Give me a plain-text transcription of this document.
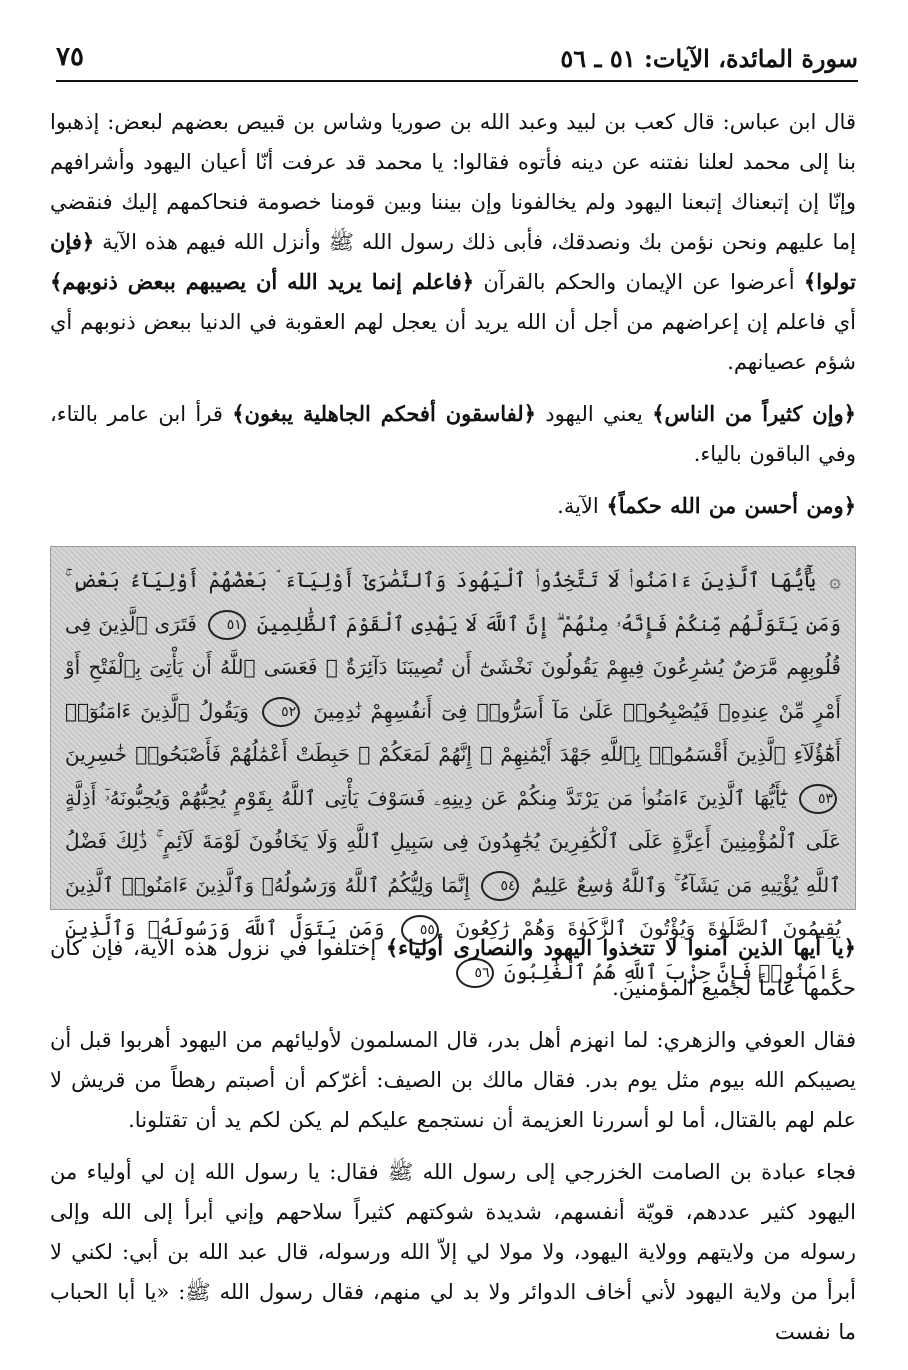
سورة المائدة، الآيات: ٥١ ـ ٥٦
٧٥

قال ابن عباس: قال كعب بن لبيد وعبد الله بن صوريا وشاس بن قبيص بعضهم لبعض: إذهبوا بنا إلى محمد لعلنا نفتنه عن دينه فأتوه فقالوا: يا محمد قد عرفت أنّا أعيان اليهود وأشرافهم وإنّا إن إتبعناك إتبعنا اليهود ولم يخالفونا وإن بيننا وبين قومنا خصومة فنحاكمهم إليك فنقضي إما عليهم ونحن نؤمن بك ونصدقك، فأبى ذلك رسول الله ﷺ وأنزل الله فيهم هذه الآية ﴿فإن تولوا﴾ أعرضوا عن الإيمان والحكم بالقرآن ﴿فاعلم إنما يريد الله أن يصيبهم ببعض ذنوبهم﴾ أي فاعلم إن إعراضهم من أجل أن الله يريد أن يعجل لهم العقوبة في الدنيا ببعض ذنوبهم أي شؤم عصيانهم.

﴿وإن كثيراً من الناس﴾ يعني اليهود ﴿لفاسقون أفحكم الجاهلية يبغون﴾ قرأ ابن عامر بالتاء، وفي الباقون بالياء.

﴿ومن أحسن من الله حكماً﴾ الآية.

۞ يَٰٓأَيُّهَا ٱلَّذِينَ ءَامَنُوا۟ لَا تَتَّخِذُوا۟ ٱلْيَهُودَ وَٱلنَّصَٰرَىٰٓ أَوْلِيَآءَ ۘ بَعْضُهُمْ أَوْلِيَآءُ بَعْضٍ ۚ وَمَن يَتَوَلَّهُم مِّنكُمْ فَإِنَّهُۥ مِنْهُمْ ۗ إِنَّ ٱللَّهَ لَا يَهْدِى ٱلْقَوْمَ ٱلظَّٰلِمِينَ ٥١ فَتَرَى ٱلَّذِينَ فِى قُلُوبِهِم مَّرَضٌ يُسَٰرِعُونَ فِيهِمْ يَقُولُونَ نَخْشَىٰٓ أَن تُصِيبَنَا دَآئِرَةٌ ۚ فَعَسَى ٱللَّهُ أَن يَأْتِىَ بِٱلْفَتْحِ أَوْ أَمْرٍ مِّنْ عِندِهِۦ فَيُصْبِحُوا۟ عَلَىٰ مَآ أَسَرُّوا۟ فِىٓ أَنفُسِهِمْ نَٰدِمِينَ ٥٢ وَيَقُولُ ٱلَّذِينَ ءَامَنُوٓا۟ أَهَٰٓؤُلَآءِ ٱلَّذِينَ أَقْسَمُوا۟ بِٱللَّهِ جَهْدَ أَيْمَٰنِهِمْ ۙ إِنَّهُمْ لَمَعَكُمْ ۚ حَبِطَتْ أَعْمَٰلُهُمْ فَأَصْبَحُوا۟ خَٰسِرِينَ ٥٣ يَٰٓأَيُّهَا ٱلَّذِينَ ءَامَنُوا۟ مَن يَرْتَدَّ مِنكُمْ عَن دِينِهِۦ فَسَوْفَ يَأْتِى ٱللَّهُ بِقَوْمٍ يُحِبُّهُمْ وَيُحِبُّونَهُۥٓ أَذِلَّةٍ عَلَى ٱلْمُؤْمِنِينَ أَعِزَّةٍ عَلَى ٱلْكَٰفِرِينَ يُجَٰهِدُونَ فِى سَبِيلِ ٱللَّهِ وَلَا يَخَافُونَ لَوْمَةَ لَآئِمٍ ۚ ذَٰلِكَ فَضْلُ ٱللَّهِ يُؤْتِيهِ مَن يَشَآءُ ۚ وَٱللَّهُ وَٰسِعٌ عَلِيمٌ ٥٤ إِنَّمَا وَلِيُّكُمُ ٱللَّهُ وَرَسُولُهُۥ وَٱلَّذِينَ ءَامَنُوا۟ ٱلَّذِينَ يُقِيمُونَ ٱلصَّلَوٰةَ وَيُؤْتُونَ ٱلزَّكَوٰةَ وَهُمْ رَٰكِعُونَ ٥٥ وَمَن يَتَوَلَّ ٱللَّهَ وَرَسُولَهُۥ وَٱلَّذِينَ ءَامَنُوا۟ فَإِنَّ حِزْبَ ٱللَّهِ هُمُ ٱلْغَٰلِبُونَ ٥٦

﴿يا أيها الذين آمنوا لا تتخذوا اليهود والنصارى أولياء﴾ إختلفوا في نزول هذه الآية، فإن كان حكمها عاماً لجميع المؤمنين.

فقال العوفي والزهري: لما انهزم أهل بدر، قال المسلمون لأوليائهم من اليهود أهربوا قبل أن يصيبكم الله بيوم مثل يوم بدر. فقال مالك بن الصيف: أغرّكم أن أصبتم رهطاً من قريش لا علم لهم بالقتال، أما لو أسررنا العزيمة أن نستجمع عليكم لم يكن لكم يد أن تقتلونا.

فجاء عبادة بن الصامت الخزرجي إلى رسول الله ﷺ فقال: يا رسول الله إن لي أولياء من اليهود كثير عددهم، قويّة أنفسهم، شديدة شوكتهم كثيراً سلاحهم وإني أبرأ إلى الله وإلى رسوله من ولايتهم وولاية اليهود، ولا مولا لي إلاّ الله ورسوله، قال عبد الله بن أبي: لكني لا أبرأ من ولاية اليهود لأني أخاف الدوائر ولا بد لي منهم، فقال رسول الله ﷺ: «يا أبا الحباب ما نفست
